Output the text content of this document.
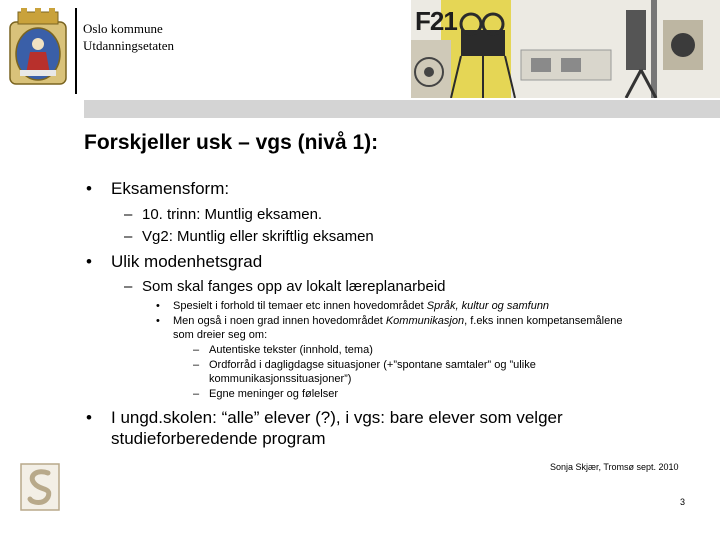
Oslo kommune
Utdanningsetaten
F21
Forskjeller usk – vgs (nivå 1):
• Eksamensform:
– 10. trinn: Muntlig eksamen.
– Vg2: Muntlig eller skriftlig eksamen
• Ulik modenhetsgrad
– Som skal fanges opp av lokalt læreplanarbeid
• Spesielt i forhold til temaer etc innen hovedområdet Språk, kultur og samfunn
• Men også i noen grad innen hovedområdet Kommunikasjon, f.eks innen kompetansemålene
som dreier seg om:
– Autentiske tekster (innhold, tema)
– Ordforråd i dagligdagse situasjoner (+”spontane samtaler” og ”ulike
kommunikasjonssituasjoner”)
– Egne meninger og følelser
• I ungd.skolen: “alle” elever (?), i vgs: bare elever som velger
studieforberedende program
Sonja Skjær, Tromsø sept. 2010
3
